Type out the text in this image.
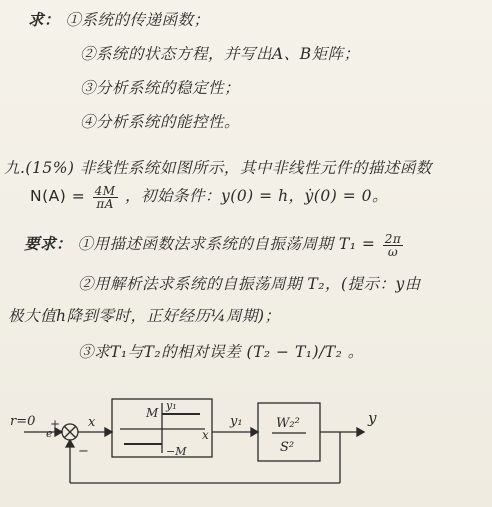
求： ①系统的传递函数；
②系统的状态方程，并写出A、B矩阵；
③分析系统的稳定性；
④分析系统的能控性。
九.(15%) 非线性系统如图所示，其中非线性元件的描述函数
$N(A) = \frac{4M}{\pi A}$ ，初始条件：y(0) = h，ẏ(0) = 0。
要求： ①用描述函数法求系统的自振荡周期 $T_1 = \frac{2\pi}{\omega}$
②用解析法求系统的自振荡周期 T₂，(提示：y由
极大值h降到零时，正好经历¼周期)；
③求T₁与T₂的相对误差 (T₂ − T₁)/T₂ 。
r=0 +
−
e
x
M
y₁
−M
x
y₁	W₂²
S²
y
